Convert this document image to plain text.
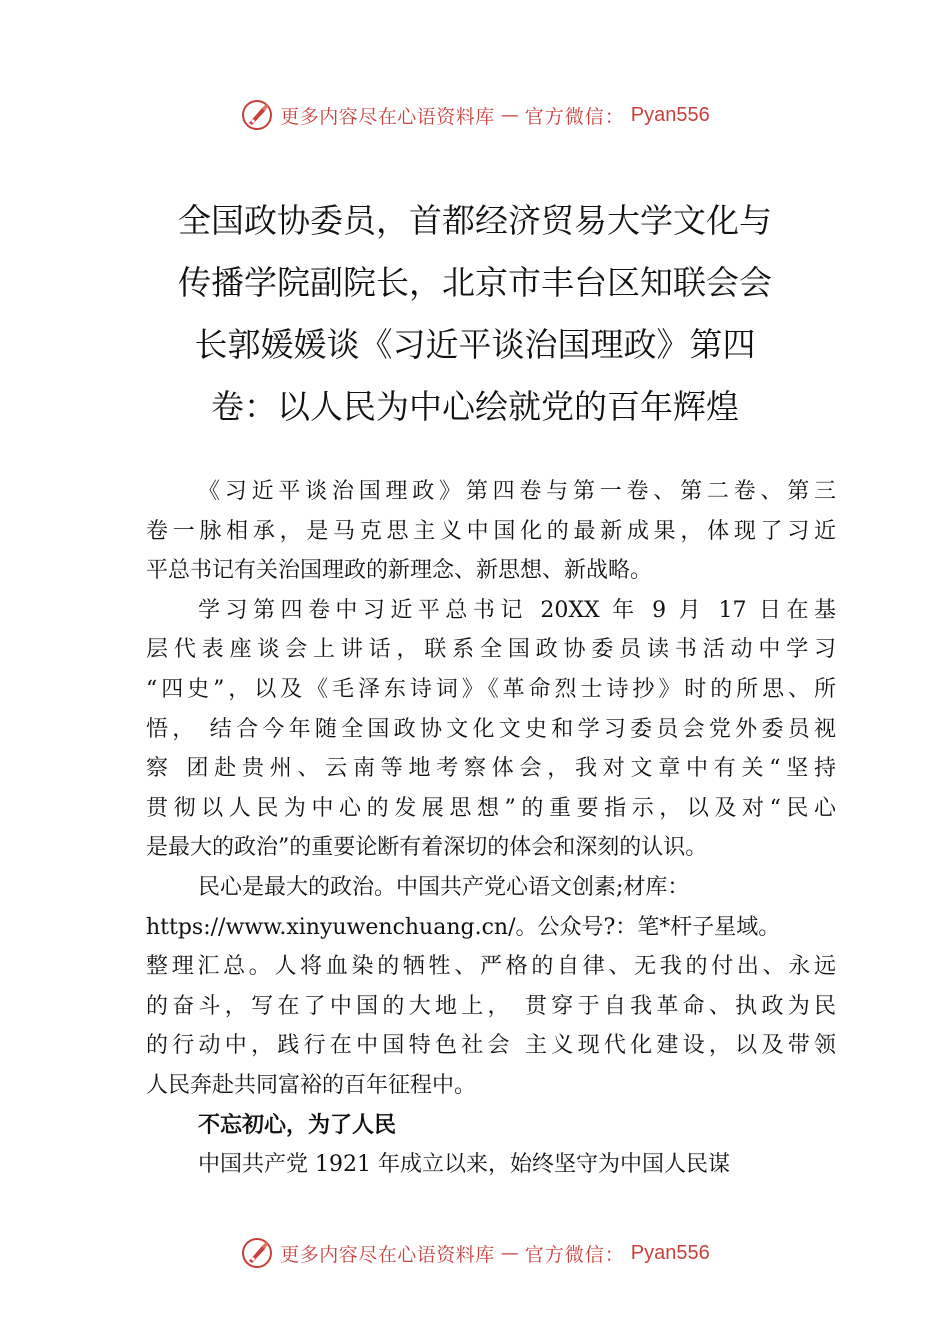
更多内容尽在心语资料库 — 官方微信： Pyan556
全国政协委员，首都经济贸易大学文化与
传播学院副院长，北京市丰台区知联会会
长郭媛媛谈《习近平谈治国理政》第四
卷：以人民为中心绘就党的百年辉煌
《习近平谈治国理政》第四卷与第一卷、第二卷、第三
卷一脉相承，是马克思主义中国化的最新成果，体现了习近
平总书记有关治国理政的新理念、新思想、新战略。
学习第四卷中习近平总书记 20XX 年 9 月 17 日在基
层代表座谈会上讲话，联系全国政协委员读书活动中学习
“四史”，以及《毛泽东诗词》《革命烈士诗抄》时的所思、所
悟， 结合今年随全国政协文化文史和学习委员会党外委员视
察 团赴贵州、云南等地考察体会，我对文章中有关“坚持
贯彻以人民为中心的发展思想”的重要指示，以及对“民心
是最大的政治”的重要论断有着深切的体会和深刻的认识。
民心是最大的政治。中国共产党心语文创素;材库：
https://www.xinyuwenchuang.cn/。公众号?：笔*杆子星域。
整理汇总。人将血染的牺牲、严格的自律、无我的付出、永远
的奋斗，写在了中国的大地上， 贯穿于自我革命、执政为民
的行动中，践行在中国特色社会 主义现代化建设，以及带领
人民奔赴共同富裕的百年征程中。
不忘初心，为了人民
中国共产党 1921 年成立以来，始终坚守为中国人民谋
更多内容尽在心语资料库 — 官方微信： Pyan556
